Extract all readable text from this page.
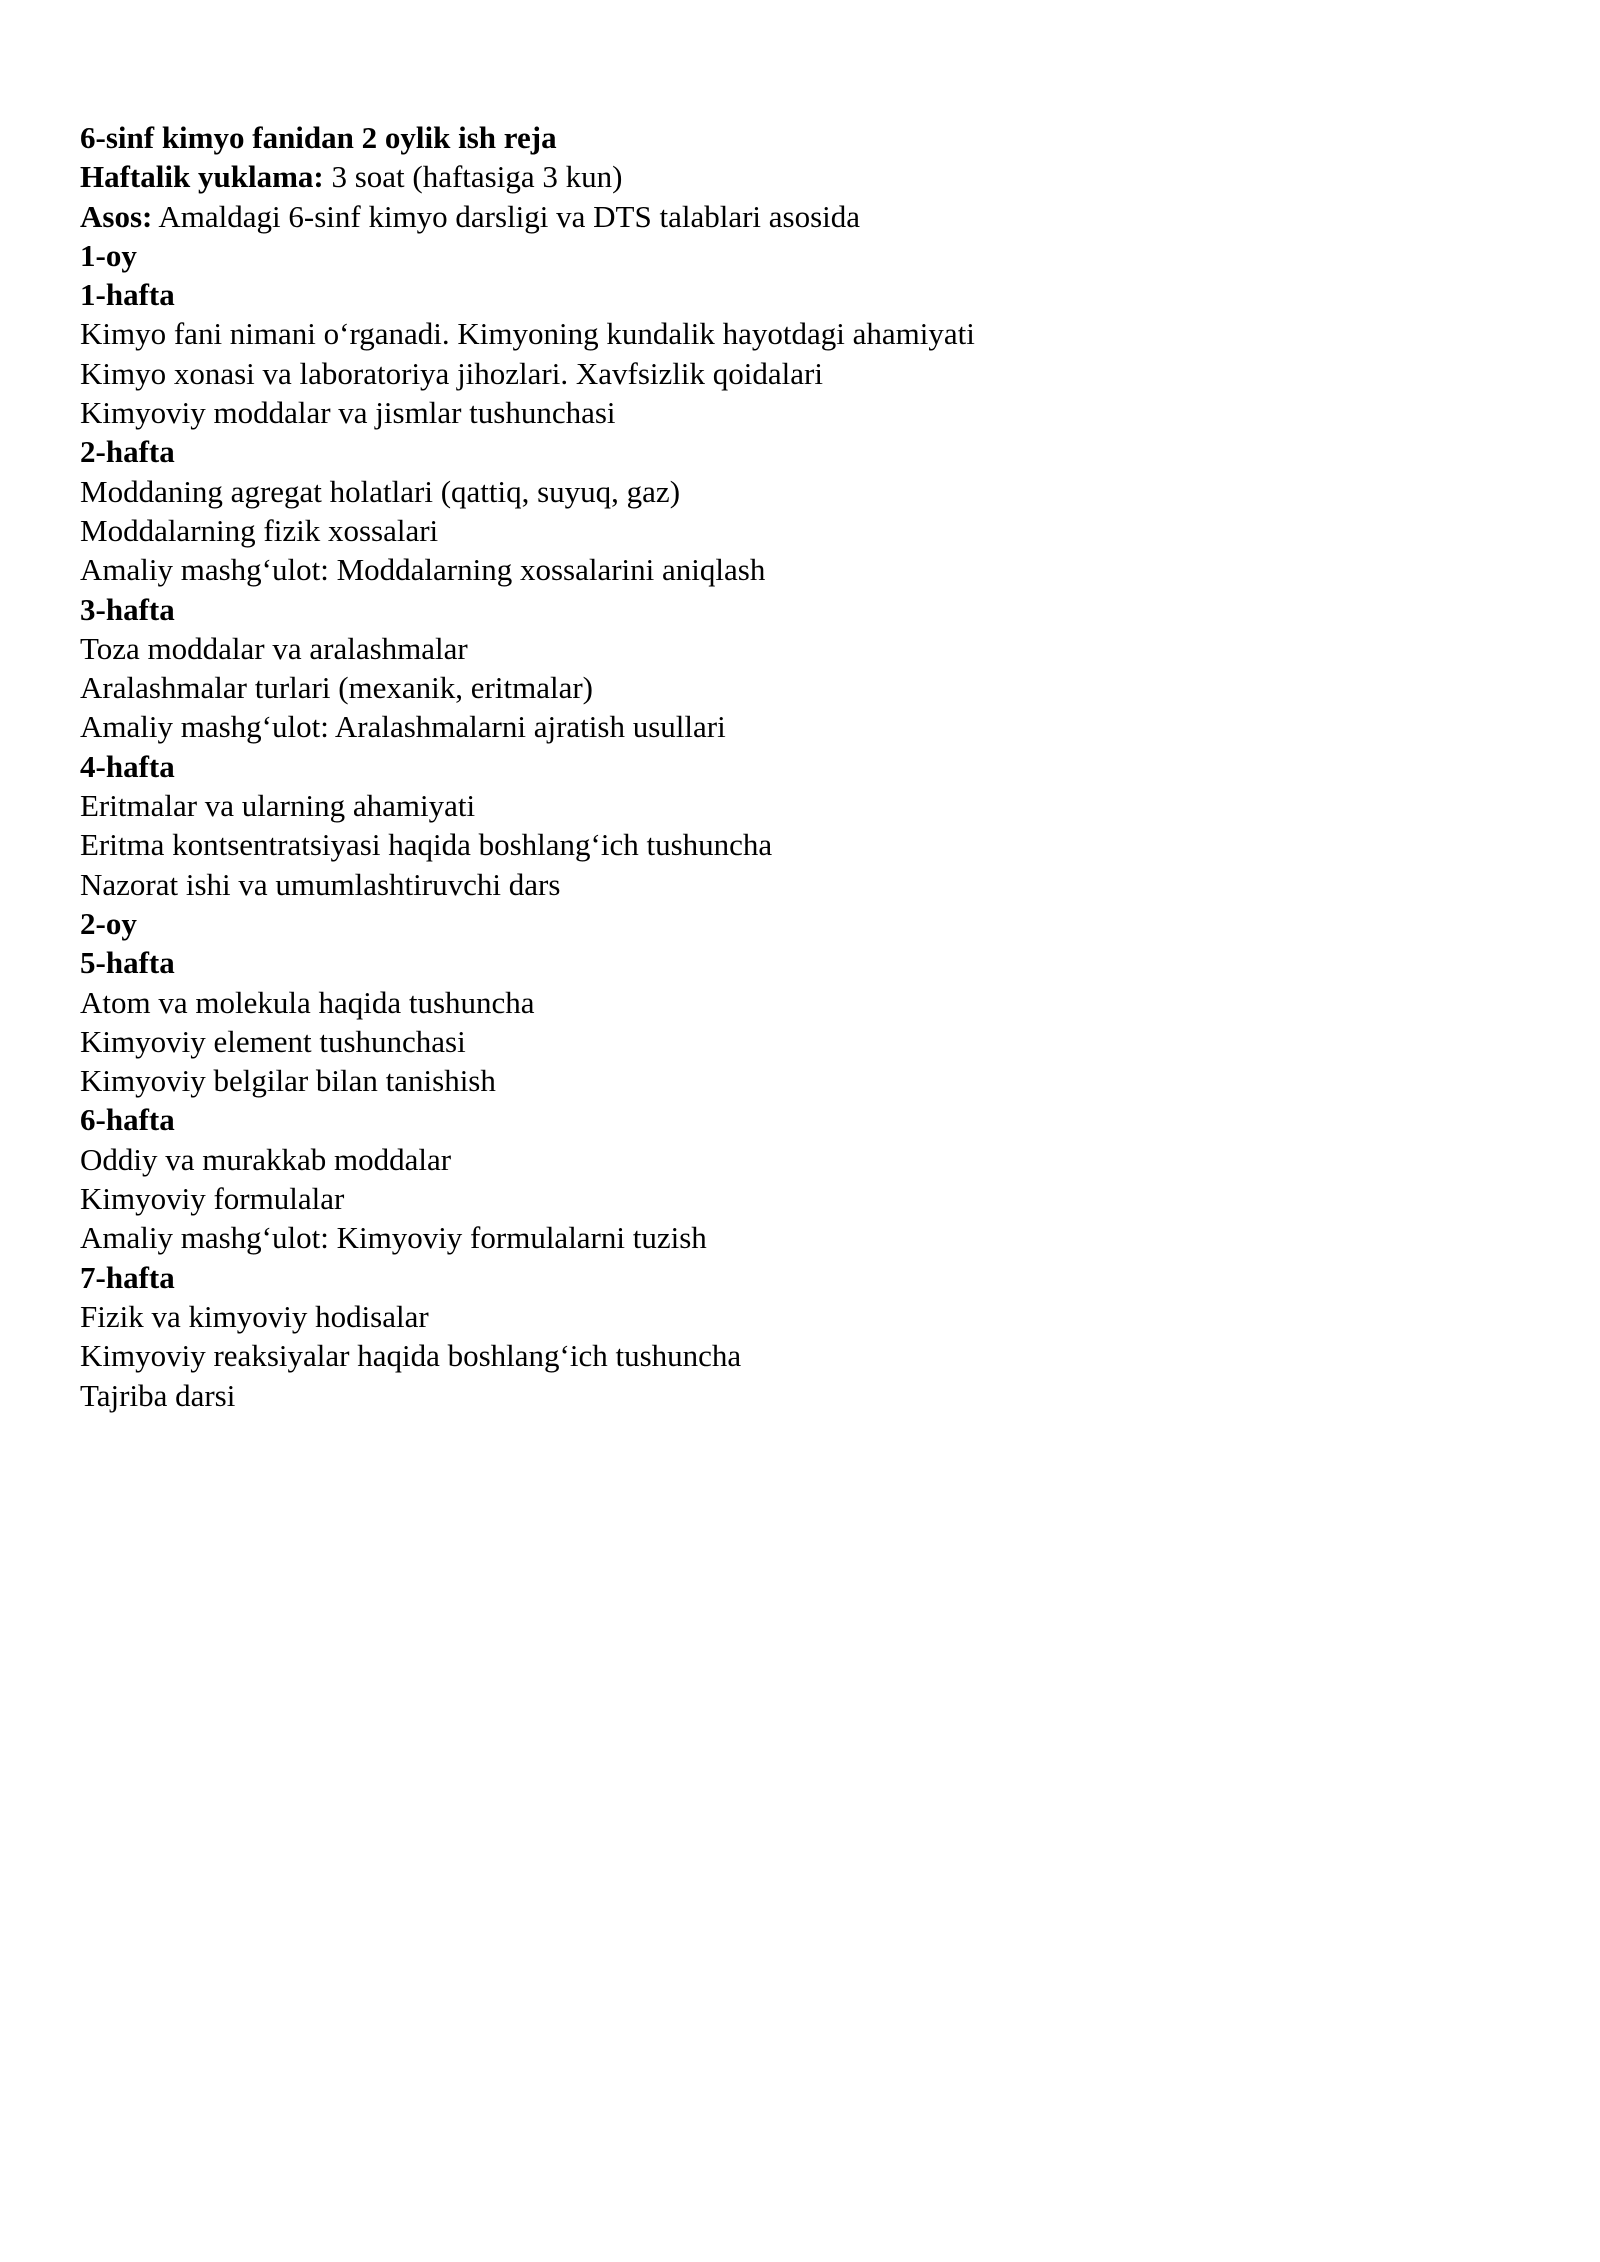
6-sinf kimyo fanidan 2 oylik ish reja

Haftalik yuklama: 3 soat (haftasiga 3 kun)

Asos: Amaldagi 6-sinf kimyo darsligi va DTS talablari asosida

1-oy

1-hafta

Kimyo fani nimani o‘rganadi. Kimyoning kundalik hayotdagi ahamiyati

Kimyo xonasi va laboratoriya jihozlari. Xavfsizlik qoidalari

Kimyoviy moddalar va jismlar tushunchasi

2-hafta

Moddaning agregat holatlari (qattiq, suyuq, gaz)

Moddalarning fizik xossalari

Amaliy mashg‘ulot: Moddalarning xossalarini aniqlash

3-hafta

Toza moddalar va aralashmalar

Aralashmalar turlari (mexanik, eritmalar)

Amaliy mashg‘ulot: Aralashmalarni ajratish usullari

4-hafta

Eritmalar va ularning ahamiyati

Eritma kontsentratsiyasi haqida boshlang‘ich tushuncha

Nazorat ishi va umumlashtiruvchi dars

2-oy

5-hafta

Atom va molekula haqida tushuncha

Kimyoviy element tushunchasi

Kimyoviy belgilar bilan tanishish

6-hafta

Oddiy va murakkab moddalar

Kimyoviy formulalar

Amaliy mashg‘ulot: Kimyoviy formulalarni tuzish

7-hafta

Fizik va kimyoviy hodisalar

Kimyoviy reaksiyalar haqida boshlang‘ich tushuncha

Tajriba darsi
